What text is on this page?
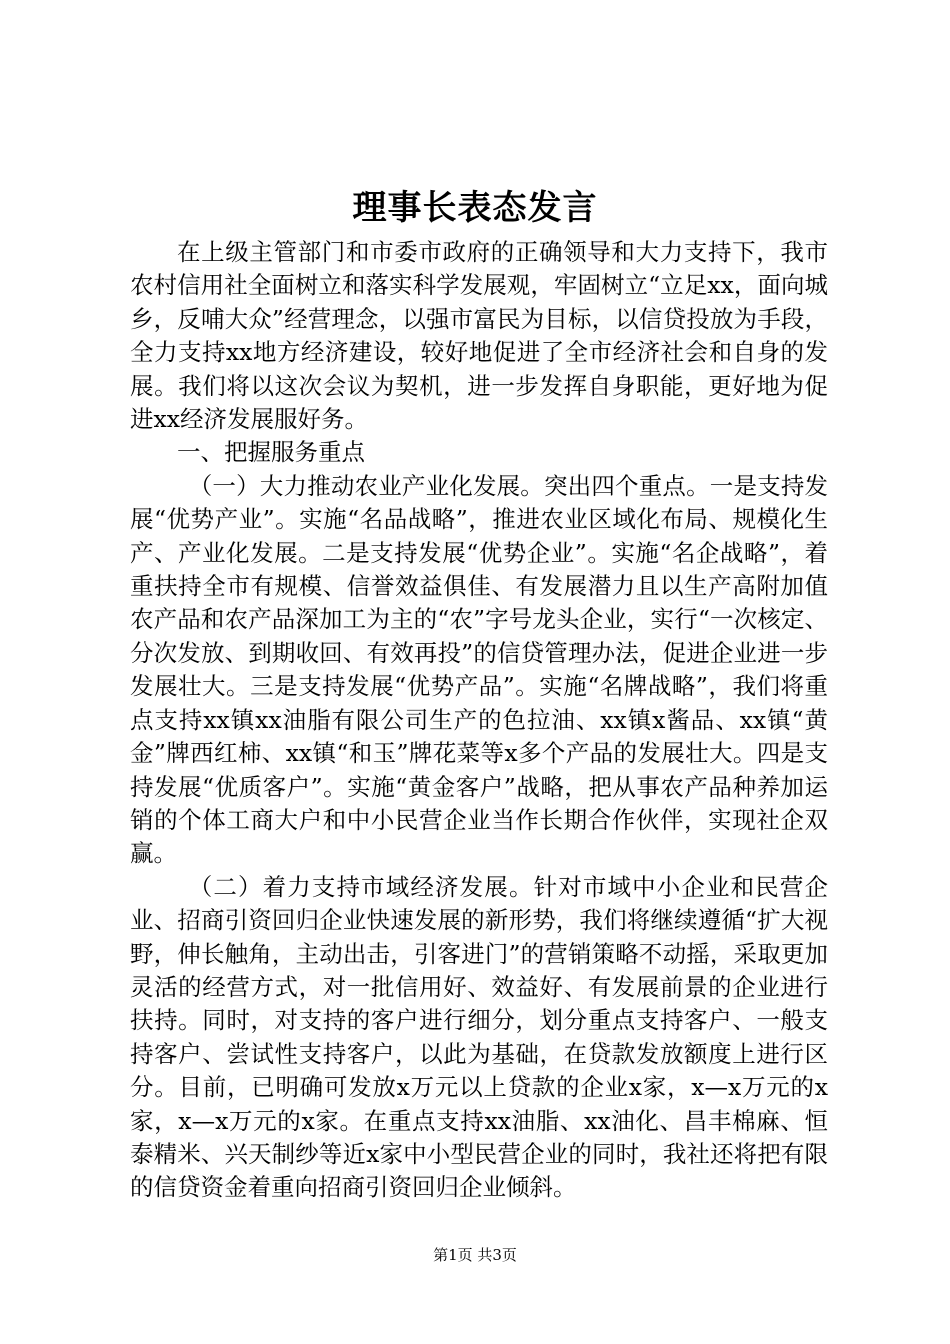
理事长表态发言

在上级主管部门和市委市政府的正确领导和大力支持下，我市农村信用社全面树立和落实科学发展观，牢固树立“立足xx，面向城乡，反哺大众”经营理念，以强市富民为目标，以信贷投放为手段，全力支持xx地方经济建设，较好地促进了全市经济社会和自身的发展。我们将以这次会议为契机，进一步发挥自身职能，更好地为促进xx经济发展服好务。

一、把握服务重点

（一）大力推动农业产业化发展。突出四个重点。一是支持发展“优势产业”。实施“名品战略”，推进农业区域化布局、规模化生产、产业化发展。二是支持发展“优势企业”。实施“名企战略”，着重扶持全市有规模、信誉效益俱佳、有发展潜力且以生产高附加值农产品和农产品深加工为主的“农”字号龙头企业，实行“一次核定、分次发放、到期收回、有效再投”的信贷管理办法，促进企业进一步发展壮大。三是支持发展“优势产品”。实施“名牌战略”，我们将重点支持xx镇xx油脂有限公司生产的色拉油、xx镇x酱品、xx镇“黄金”牌西红柿、xx镇“和玉”牌花菜等x多个产品的发展壮大。四是支持发展“优质客户”。实施“黄金客户”战略，把从事农产品种养加运销的个体工商大户和中小民营企业当作长期合作伙伴，实现社企双赢。

（二）着力支持市域经济发展。针对市域中小企业和民营企业、招商引资回归企业快速发展的新形势，我们将继续遵循“扩大视野，伸长触角，主动出击，引客进门”的营销策略不动摇，采取更加灵活的经营方式，对一批信用好、效益好、有发展前景的企业进行扶持。同时，对支持的客户进行细分，划分重点支持客户、一般支持客户、尝试性支持客户，以此为基础，在贷款发放额度上进行区分。目前，已明确可发放x万元以上贷款的企业x家，x—x万元的x家，x—x万元的x家。在重点支持xx油脂、xx油化、昌丰棉麻、恒泰精米、兴天制纱等近x家中小型民营企业的同时，我社还将把有限的信贷资金着重向招商引资回归企业倾斜。

第1页 共3页
